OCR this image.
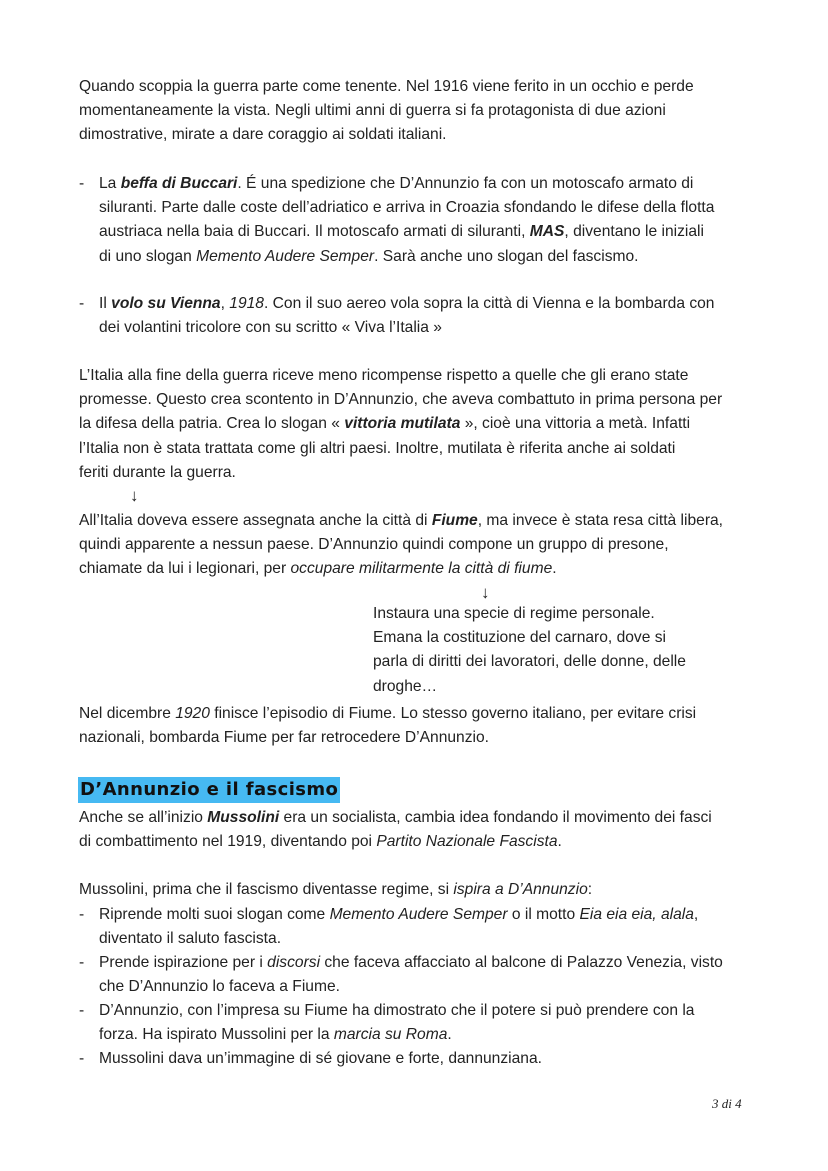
Quando scoppia la guerra parte come tenente. Nel 1916 viene ferito in un occhio e perde
momentaneamente la vista. Negli ultimi anni di guerra si fa protagonista di due azioni
dimostrative, mirate a dare coraggio ai soldati italiani.
- La beffa di Buccari. É una spedizione che D’Annunzio fa con un motoscafo armato di
siluranti. Parte dalle coste dell’adriatico e arriva in Croazia sfondando le difese della flotta
austriaca nella baia di Buccari. Il motoscafo armati di siluranti, MAS, diventano le iniziali
di uno slogan Memento Audere Semper. Sarà anche uno slogan del fascismo.
- Il volo su Vienna, 1918. Con il suo aereo vola sopra la città di Vienna e la bombarda con
dei volantini tricolore con su scritto « Viva l’Italia »
L’Italia alla fine della guerra riceve meno ricompense rispetto a quelle che gli erano state
promesse. Questo crea scontento in D’Annunzio, che aveva combattuto in prima persona per
la difesa della patria. Crea lo slogan « vittoria mutilata », cioè una vittoria a metà. Infatti
l’Italia non è stata trattata come gli altri paesi. Inoltre, mutilata è riferita anche ai soldati
feriti durante la guerra.
↓
All’Italia doveva essere assegnata anche la città di Fiume, ma invece è stata resa città libera,
quindi apparente a nessun paese. D’Annunzio quindi compone un gruppo di presone,
chiamate da lui i legionari, per occupare militarmente la città di fiume.
↓
Instaura una specie di regime personale.
Emana la costituzione del carnaro, dove si
parla di diritti dei lavoratori, delle donne, delle
droghe…
Nel dicembre 1920 finisce l’episodio di Fiume. Lo stesso governo italiano, per evitare crisi
nazionali, bombarda Fiume per far retrocedere D’Annunzio.
D’Annunzio e il fascismo
Anche se all’inizio Mussolini era un socialista, cambia idea fondando il movimento dei fasci
di combattimento nel 1919, diventando poi Partito Nazionale Fascista.
Mussolini, prima che il fascismo diventasse regime, si ispira a D’Annunzio:
- Riprende molti suoi slogan come Memento Audere Semper o il motto Eia eia eia, alala,
diventato il saluto fascista.
- Prende ispirazione per i discorsi che faceva affacciato al balcone di Palazzo Venezia, visto
che D’Annunzio lo faceva a Fiume.
- D’Annunzio, con l’impresa su Fiume ha dimostrato che il potere si può prendere con la
forza. Ha ispirato Mussolini per la marcia su Roma.
- Mussolini dava un’immagine di sé giovane e forte, dannunziana.
3 di 4
